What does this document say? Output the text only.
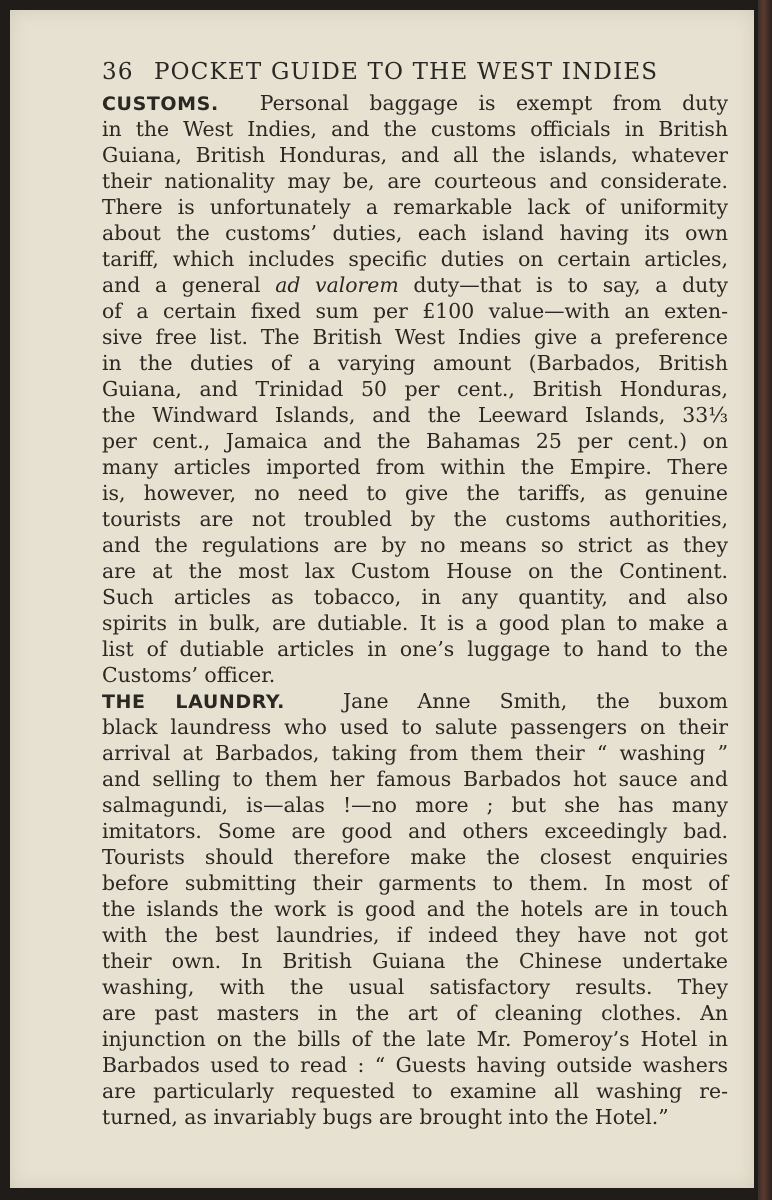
36 POCKET GUIDE TO THE WEST INDIES
CUSTOMS. Personal baggage is exempt from duty
in the West Indies, and the customs officials in British
Guiana, British Honduras, and all the islands, whatever
their nationality may be, are courteous and considerate.
There is unfortunately a remarkable lack of uniformity
about the customs’ duties, each island having its own
tariff, which includes specific duties on certain articles,
and a general ad valorem duty—that is to say, a duty
of a certain fixed sum per £100 value—with an exten-
sive free list. The British West Indies give a preference
in the duties of a varying amount (Barbados, British
Guiana, and Trinidad 50 per cent., British Honduras,
the Windward Islands, and the Leeward Islands, 33⅓
per cent., Jamaica and the Bahamas 25 per cent.) on
many articles imported from within the Empire. There
is, however, no need to give the tariffs, as genuine
tourists are not troubled by the customs authorities,
and the regulations are by no means so strict as they
are at the most lax Custom House on the Continent.
Such articles as tobacco, in any quantity, and also
spirits in bulk, are dutiable. It is a good plan to make a
list of dutiable articles in one’s luggage to hand to the
Customs’ officer.
THE LAUNDRY.	Jane Anne Smith, the buxom
black laundress who used to salute passengers on their
arrival at Barbados, taking from them their “ washing ”
and selling to them her famous Barbados hot sauce and
salmagundi, is—alas !—no more ; but she has many
imitators. Some are good and others exceedingly bad.
Tourists should therefore make the closest enquiries
before submitting their garments to them. In most of
the islands the work is good and the hotels are in touch
with the best laundries, if indeed they have not got
their own. In British Guiana the Chinese undertake
washing, with the usual satisfactory results. They
are past masters in the art of cleaning clothes. An
injunction on the bills of the late Mr. Pomeroy’s Hotel in
Barbados used to read : “ Guests having outside washers
are particularly requested to examine all washing re-
turned, as invariably bugs are brought into the Hotel.”
